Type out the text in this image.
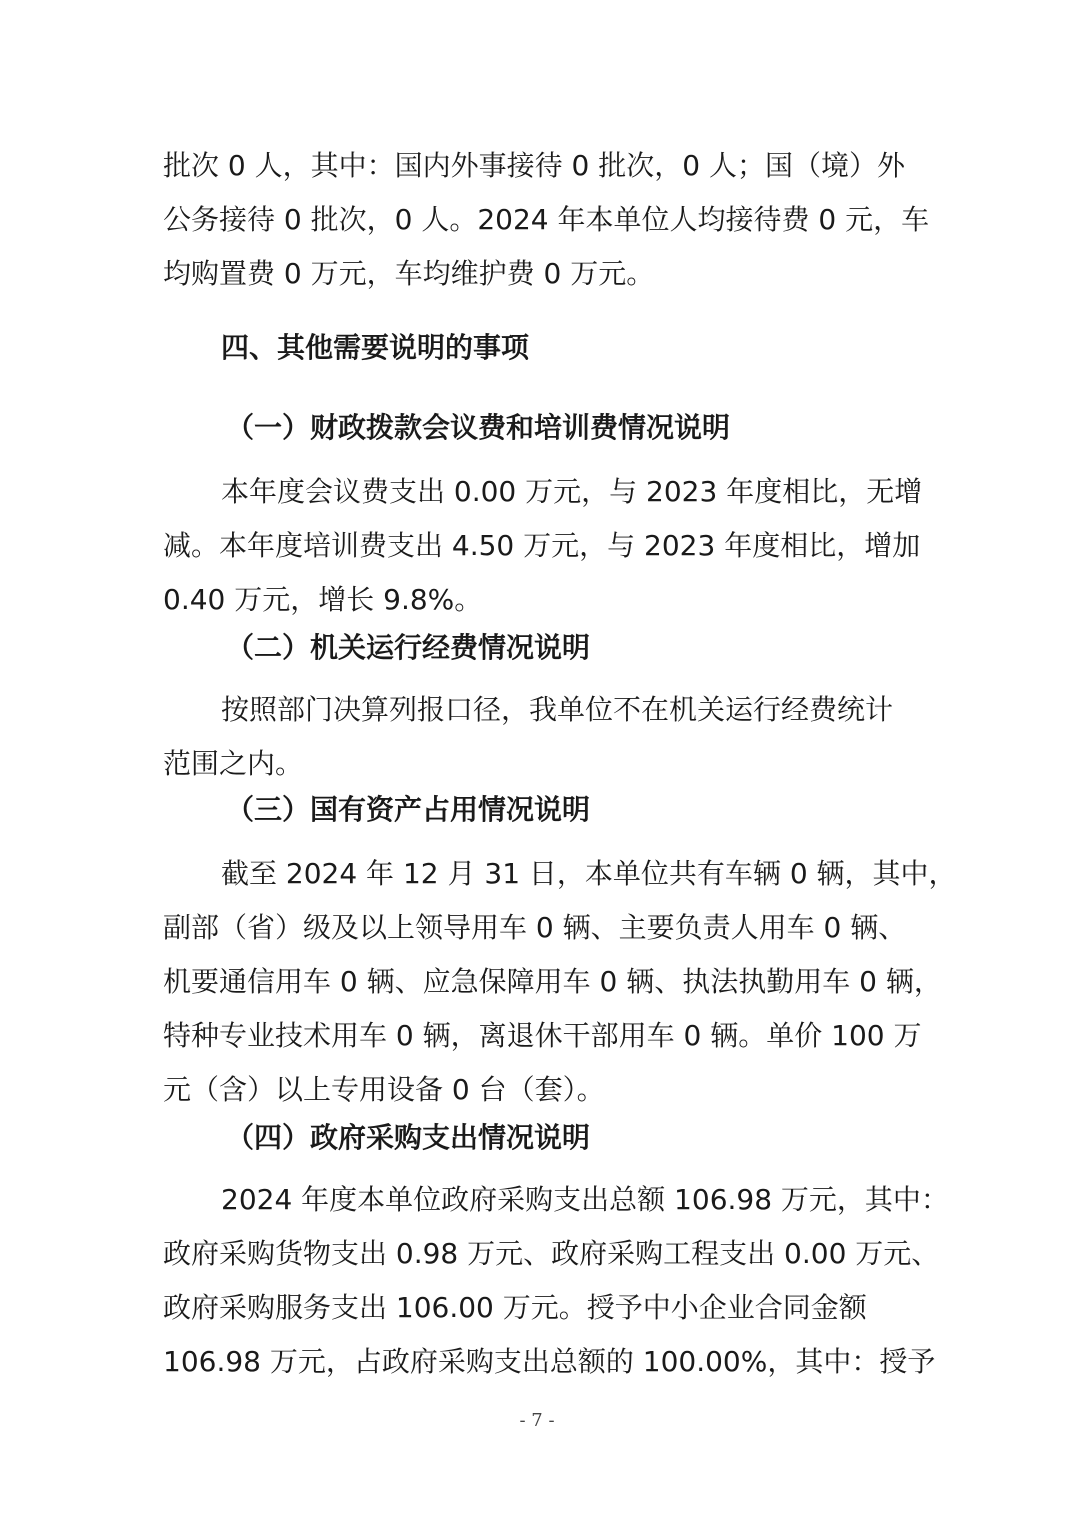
批次 0 人，其中：国内外事接待 0 批次，0 人；国（境）外
公务接待 0 批次，0 人。2024 年本单位人均接待费 0 元，车
均购置费 0 万元，车均维护费 0 万元。
四、其他需要说明的事项
（一）财政拨款会议费和培训费情况说明
本年度会议费支出 0.00 万元，与 2023 年度相比，无增
减。本年度培训费支出 4.50 万元，与 2023 年度相比，增加
0.40 万元，增长 9.8%。
（二）机关运行经费情况说明
按照部门决算列报口径，我单位不在机关运行经费统计
范围之内。
（三）国有资产占用情况说明
截至 2024 年 12 月 31 日，本单位共有车辆 0 辆，其中，
副部（省）级及以上领导用车 0 辆、主要负责人用车 0 辆、
机要通信用车 0 辆、应急保障用车 0 辆、执法执勤用车 0 辆，
特种专业技术用车 0 辆，离退休干部用车 0 辆。单价 100 万
元（含）以上专用设备 0 台（套）。
（四）政府采购支出情况说明
2024 年度本单位政府采购支出总额 106.98 万元，其中：
政府采购货物支出 0.98 万元、政府采购工程支出 0.00 万元、
政府采购服务支出 106.00 万元。授予中小企业合同金额
106.98 万元，占政府采购支出总额的 100.00%，其中：授予
- 7 -
